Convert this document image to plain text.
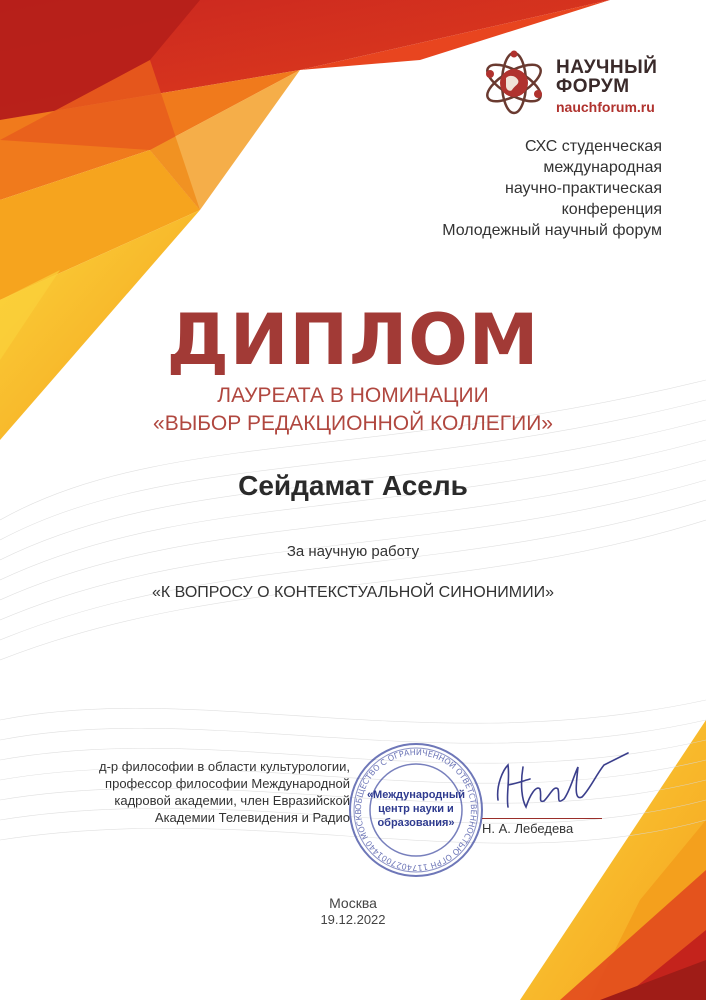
НАУЧНЫЙ
ФОРУМ
nauchforum.ru
СХС студенческая
международная
научно-практическая
конференция
Молодежный научный форум
ДИПЛОМ
ЛАУРЕАТА В НОМИНАЦИИ
«ВЫБОР РЕДАКЦИОННОЙ КОЛЛЕГИИ»
Сейдамат Асель
За научную работу
«К ВОПРОСУ О КОНТЕКСТУАЛЬНОЙ СИНОНИМИИ»
д-р философии в области культурологии,
профессор философии Международной
кадровой академии, член Евразийской
Академии Телевидения и Радио
ОБЩЕСТВО С ОГРАНИЧЕННОЙ ОТВЕТСТВЕННОСТЬЮ ОГРН 1174027001440 МОСКВ
«Международный
центр науки и
образования»	Н. А. Лебедева
Москва
19.12.2022
